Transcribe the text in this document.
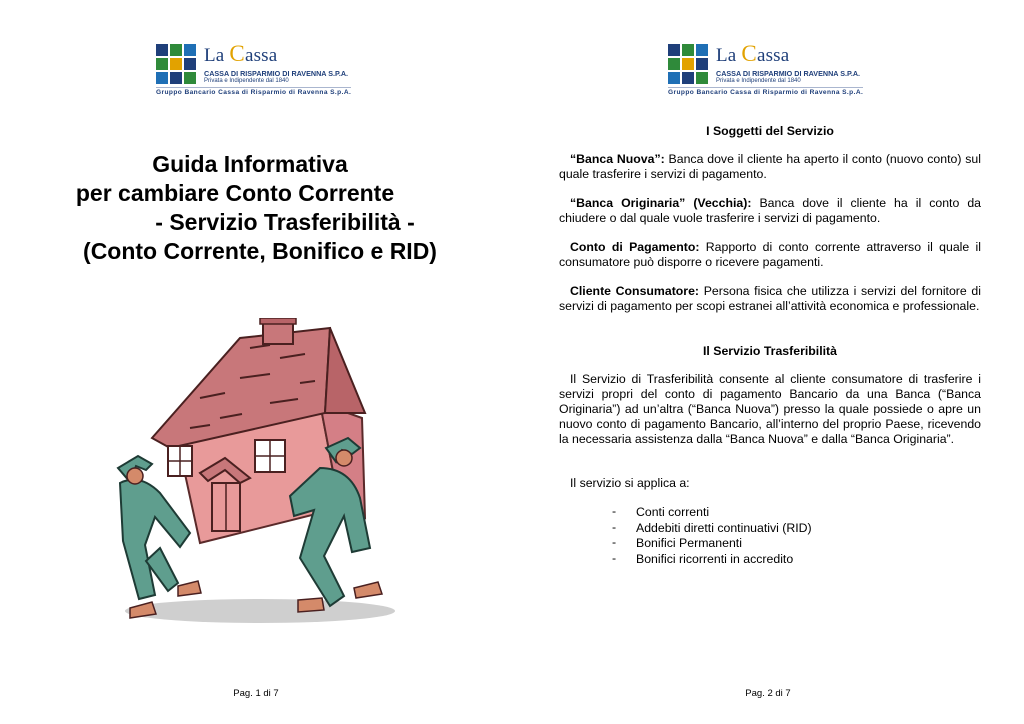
La Cassa
CASSA DI RISPARMIO DI RAVENNA S.P.A.
Privata e Indipendente dal 1840
Gruppo Bancario Cassa di Risparmio di Ravenna S.p.A.
Guida Informativa
per cambiare Conto Corrente
- Servizio Trasferibilità -
(Conto Corrente, Bonifico e RID)
Pag. 1 di 7
La Cassa
CASSA DI RISPARMIO DI RAVENNA S.P.A.
Privata e Indipendente dal 1840
Gruppo Bancario Cassa di Risparmio di Ravenna S.p.A.
I Soggetti del Servizio

“Banca Nuova”: Banca dove il cliente ha aperto il conto (nuovo conto) sul quale trasferire i servizi di pagamento.

“Banca Originaria” (Vecchia): Banca dove il cliente ha il conto da chiudere o dal quale vuole trasferire i servizi di pagamento.

Conto di Pagamento: Rapporto di conto corrente attraverso il quale il consumatore può disporre o ricevere pagamenti.

Cliente Consumatore: Persona fisica che utilizza i servizi del fornitore di servizi di pagamento per scopi estranei all’attività economica e professionale.

Il Servizio Trasferibilità

Il Servizio di Trasferibilità consente al cliente consumatore di trasferire i servizi propri del conto di pagamento Bancario da una Banca (“Banca Originaria”) ad un’altra (“Banca Nuova”) presso la quale possiede o apre un nuovo conto di pagamento Bancario, all’interno del proprio Paese, ricevendo la necessaria assistenza dalla “Banca Nuova” e dalla “Banca Originaria”.

Il servizio si applica a:

- Conti correnti
- Addebiti diretti continuativi (RID)
- Bonifici Permanenti
- Bonifici ricorrenti in accredito
Pag. 2 di 7
